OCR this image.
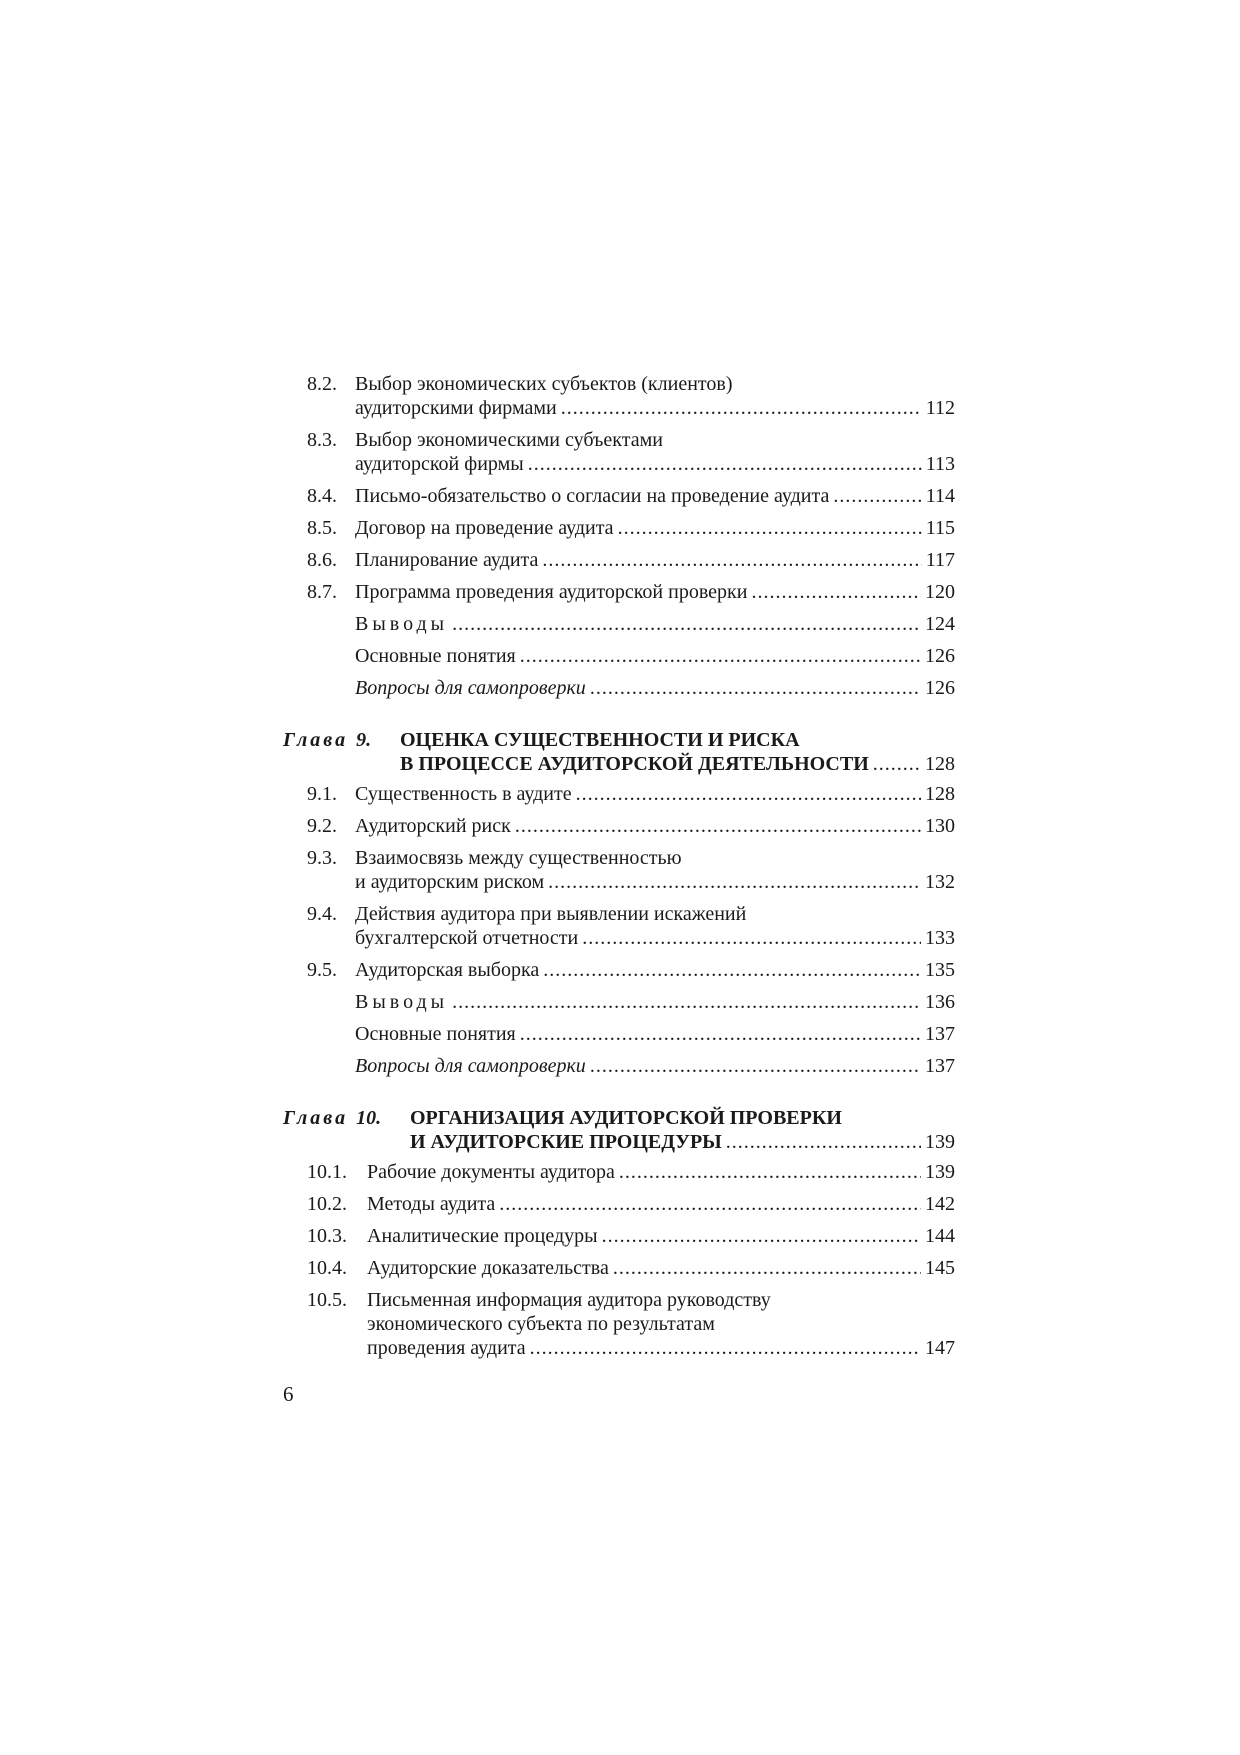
8.2. Выбор экономических субъектов (клиентов)
аудиторскими фирмами .....	112
8.3. Выбор экономическими субъектами
аудиторской фирмы .....	113
8.4. Письмо-обязательство о согласии на проведение аудита .....	114
8.5. Договор на проведение аудита .....	115
8.6. Планирование аудита .....	117
8.7. Программа проведения аудиторской проверки .....	120
Выводы .....	124
Основные понятия .....	126
Вопросы для самопроверки .....	126
Глава 9. ОЦЕНКА СУЩЕСТВЕННОСТИ И РИСКА
В ПРОЦЕССЕ АУДИТОРСКОЙ ДЕЯТЕЛЬНОСТИ .....	128
9.1. Существенность в аудите .....	128
9.2. Аудиторский риск .....	130
9.3. Взаимосвязь между существенностью
и аудиторским риском .....	132
9.4. Действия аудитора при выявлении искажений
бухгалтерской отчетности .....	133
9.5. Аудиторская выборка .....	135
Выводы .....	136
Основные понятия .....	137
Вопросы для самопроверки .....	137
Глава 10. ОРГАНИЗАЦИЯ АУДИТОРСКОЙ ПРОВЕРКИ
И АУДИТОРСКИЕ ПРОЦЕДУРЫ .....	139
10.1. Рабочие документы аудитора .....	139
10.2. Методы аудита .....	142
10.3. Аналитические процедуры .....	144
10.4. Аудиторские доказательства .....	145
10.5. Письменная информация аудитора руководству
экономического субъекта по результатам
проведения аудита .....	147
6
